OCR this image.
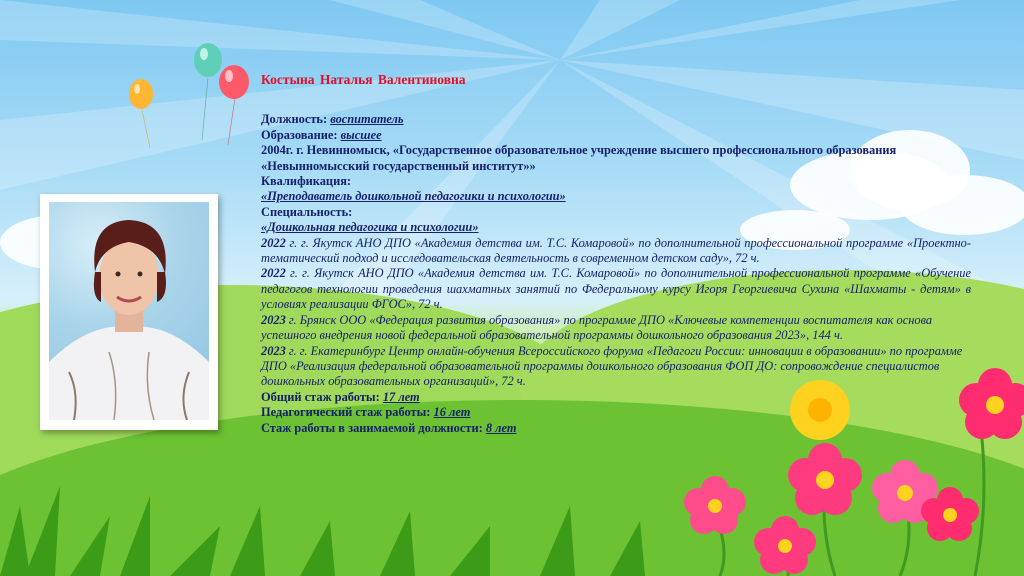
Костына Наталья Валентиновна
Должность: воспитатель
Образование: высшее
2004г. г. Невинномыск, «Государственное образовательное учреждение высшего профессионального образования «Невынномысский государственный институт»»
Квалификация:
«Преподаватель дошкольной педагогики и психологии»
Специальность:
«Дошкольная педагогика и психологии»
2022 г. г. Якутск АНО ДПО «Академия детства им. Т.С. Комаровой» по дополнительной профессиональной программе «Проектно-тематический подход и исследовательская деятельность в современном детском саду», 72 ч.
2022 г. г. Якутск АНО ДПО «Академия детства им. Т.С. Комаровой» по дополнительной профессиональной программе «Обучение педагогов технологии проведения шахматных занятий по Федеральному курсу Игоря Георгиевича Сухина «Шахматы - детям» в условиях реализации ФГОС», 72 ч.
2023 г. Брянск ООО «Федерация развития образования» по программе ДПО «Ключевые компетенции воспитателя как основа успешного внедрения новой федеральной образовательной программы дошкольного образования 2023», 144 ч.
2023 г. г. Екатеринбург Центр онлайн-обучения Всероссийского форума «Педагоги России: инновации в образовании» по программе ДПО «Реализация федеральной образовательной программы дошкольного образования ФОП ДО: сопровождение специалистов дошкольных образовательных организаций», 72 ч.
Общий стаж работы: 17 лет
Педагогический стаж работы: 16 лет
Стаж работы в занимаемой должности: 8 лет
